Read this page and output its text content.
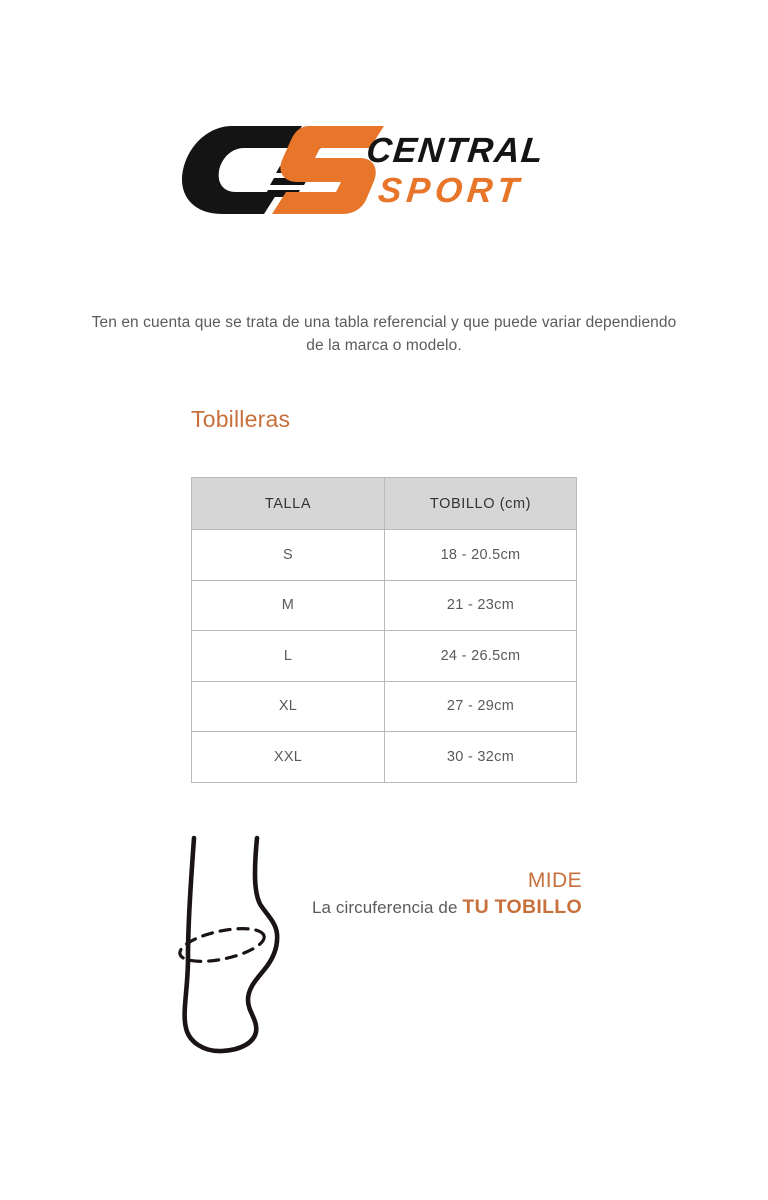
CENTRAL
SPORT
Ten en cuenta que se trata de una tabla referencial y que puede variar dependiendo de la marca o modelo.
Tobilleras
TALLA	TOBILLO (cm)
S	18 - 20.5cm
M	21 - 23cm
L	24 - 26.5cm
XL	27 - 29cm
XXL	30 - 32cm
MIDE
La circuferencia de TU TOBILLO
